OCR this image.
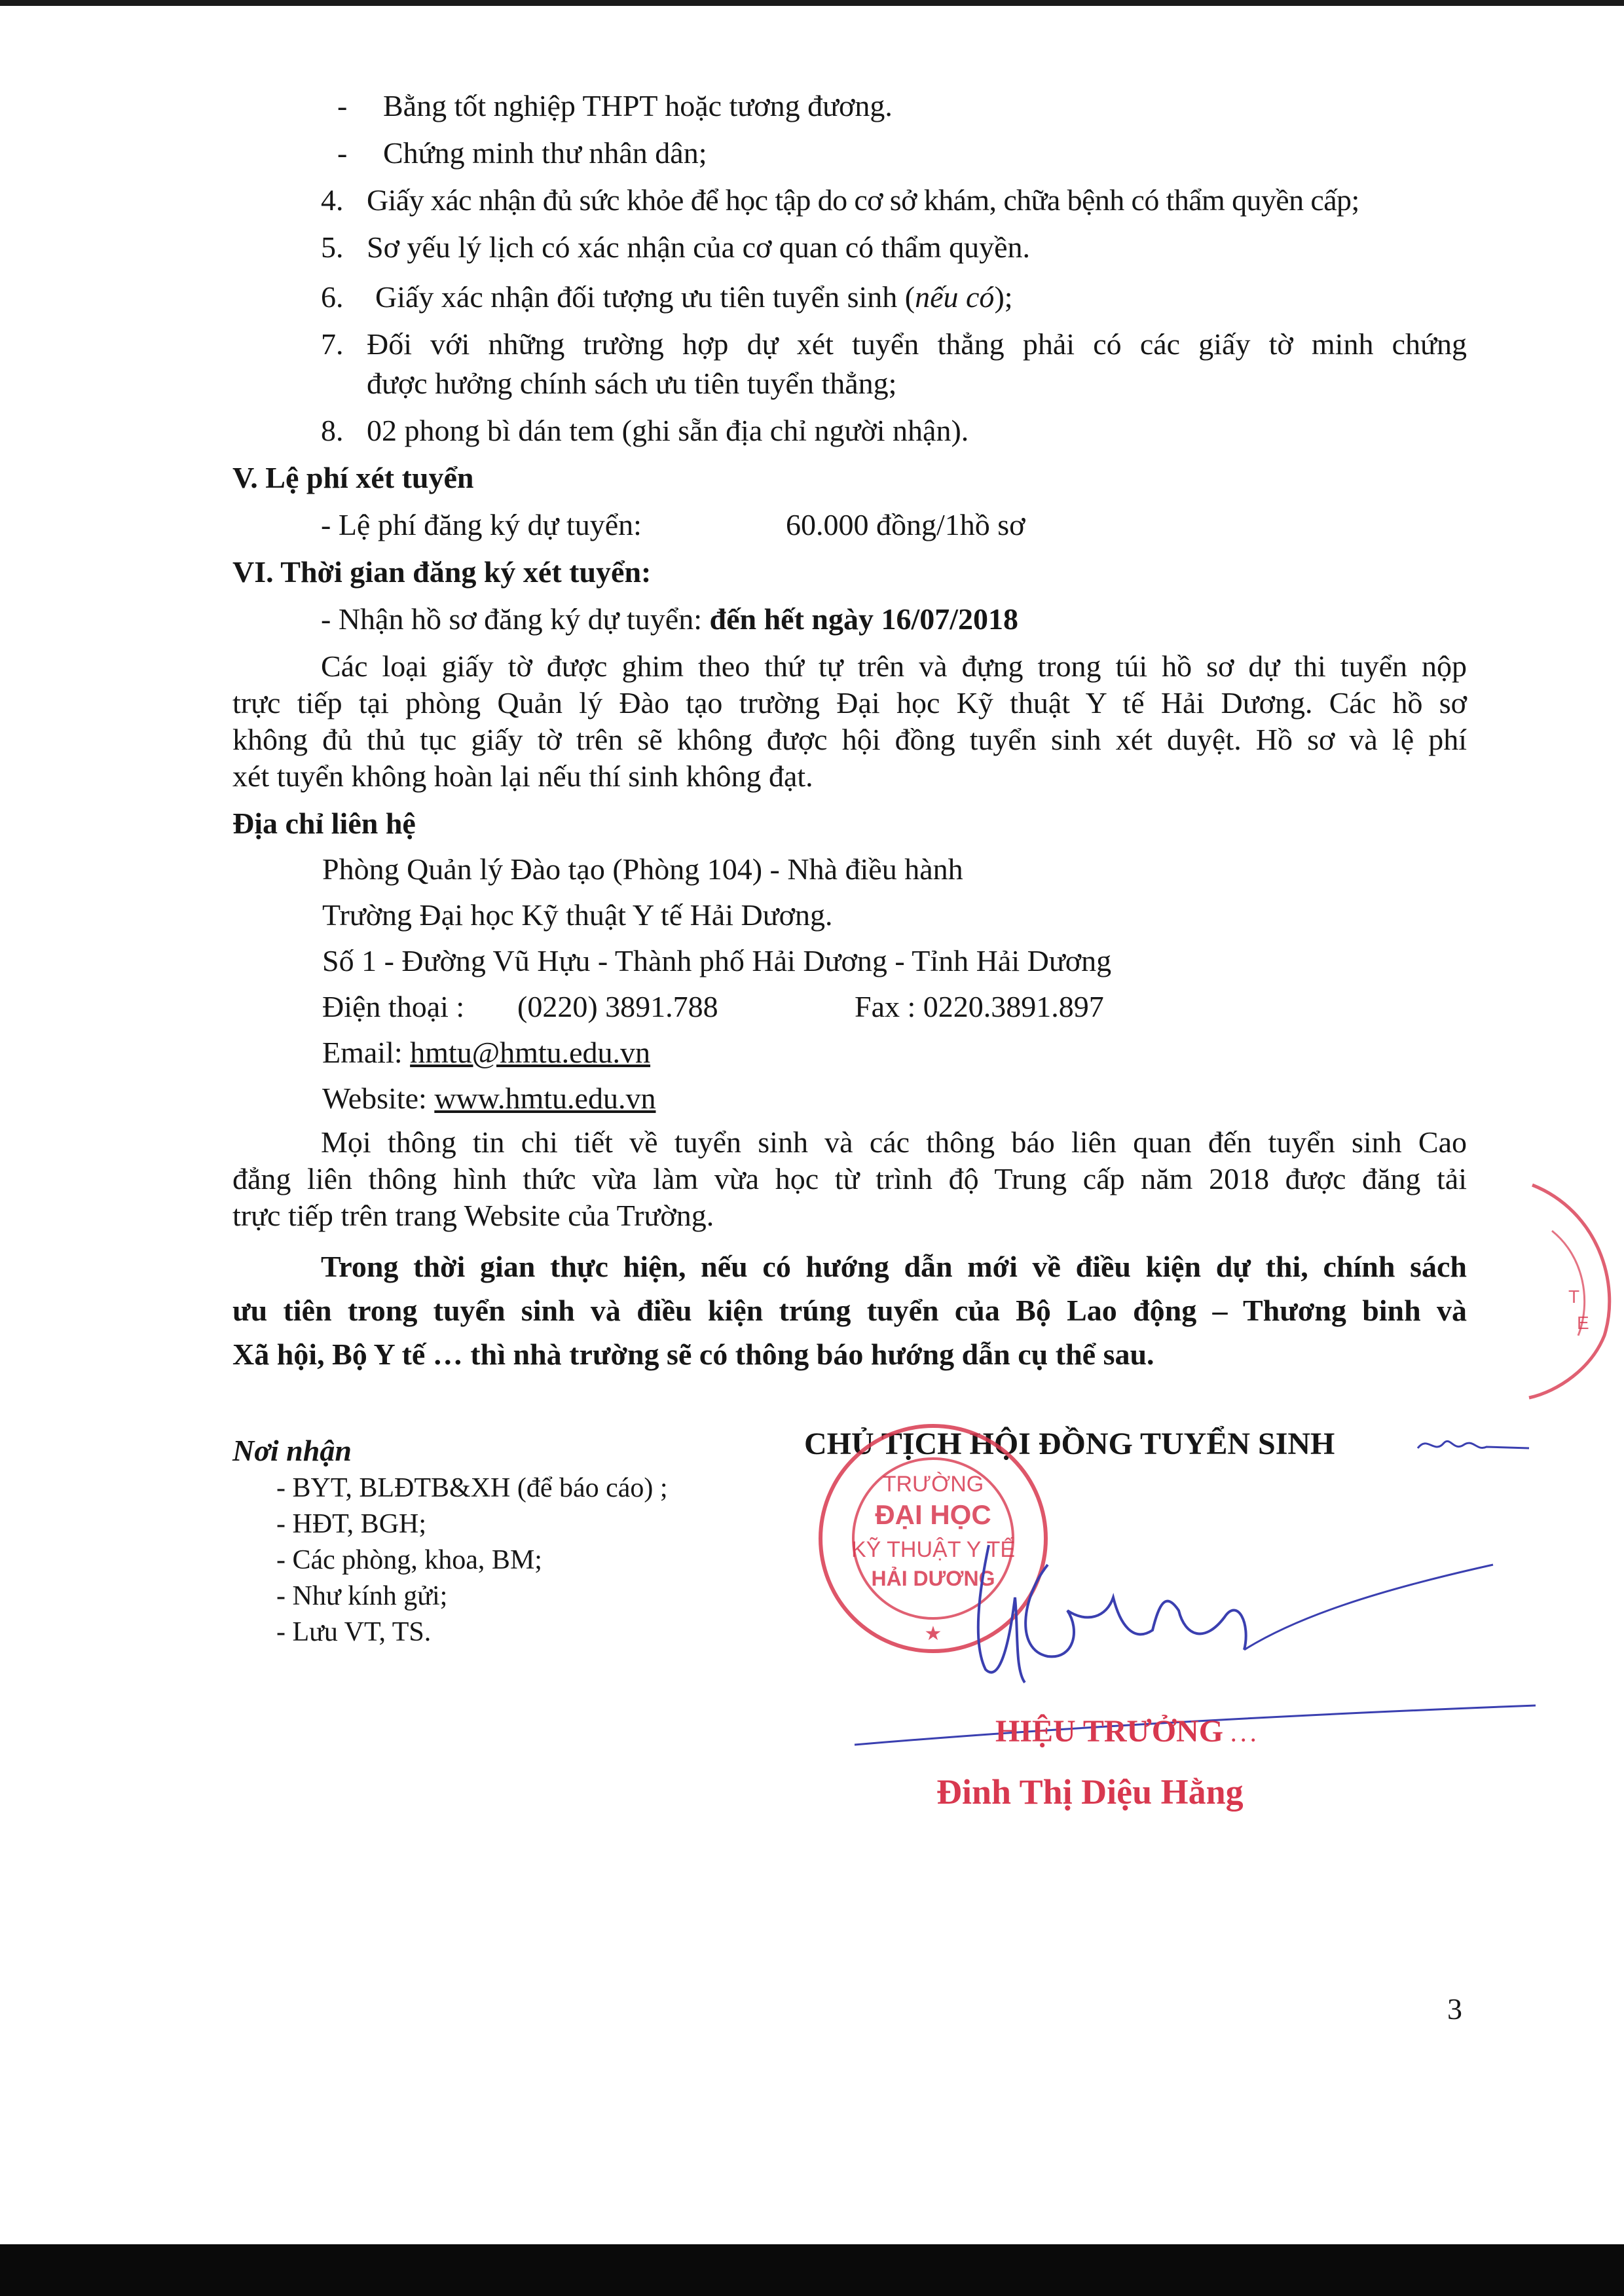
- Bằng tốt nghiệp THPT hoặc tương đương.
- Chứng minh thư nhân dân;
4. Giấy xác nhận đủ sức khỏe để học tập do cơ sở khám, chữa bệnh có thẩm quyền cấp;
5. Sơ yếu lý lịch có xác nhận của cơ quan có thẩm quyền.
6. Giấy xác nhận đối tượng ưu tiên tuyển sinh (nếu có);
7. Đối với những trường hợp dự xét tuyển thẳng phải có các giấy tờ minh chứng
được hưởng chính sách ưu tiên tuyển thẳng;
8. 02 phong bì dán tem (ghi sẵn địa chỉ người nhận).
V. Lệ phí xét tuyển
- Lệ phí đăng ký dự tuyển:	60.000 đồng/1hồ sơ
VI. Thời gian đăng ký xét tuyển:
- Nhận hồ sơ đăng ký dự tuyển: đến hết ngày 16/07/2018
Các loại giấy tờ được ghim theo thứ tự trên và đựng trong túi hồ sơ dự thi tuyển nộp
trực tiếp tại phòng Quản lý Đào tạo trường Đại học Kỹ thuật Y tế Hải Dương. Các hồ sơ
không đủ thủ tục giấy tờ trên sẽ không được hội đồng tuyển sinh xét duyệt. Hồ sơ và lệ phí
xét tuyển không hoàn lại nếu thí sinh không đạt.
Địa chỉ liên hệ
Phòng Quản lý Đào tạo (Phòng 104) - Nhà điều hành
Trường Đại học Kỹ thuật Y tế Hải Dương.
Số 1 - Đường Vũ Hựu - Thành phố Hải Dương - Tỉnh Hải Dương
Điện thoại : (0220) 3891.788	Fax : 0220.3891.897
Email: hmtu@hmtu.edu.vn
Website: www.hmtu.edu.vn
Mọi thông tin chi tiết về tuyển sinh và các thông báo liên quan đến tuyển sinh Cao
đẳng liên thông hình thức vừa làm vừa học từ trình độ Trung cấp năm 2018 được đăng tải
trực tiếp trên trang Website của Trường.
Trong thời gian thực hiện, nếu có hướng dẫn mới về điều kiện dự thi, chính sách
ưu tiên trong tuyển sinh và điều kiện trúng tuyển của Bộ Lao động – Thương binh và
Xã hội, Bộ Y tế … thì nhà trường sẽ có thông báo hướng dẫn cụ thể sau.
Nơi nhận
- BYT, BLĐTB&XH (để báo cáo) ;
- HĐT, BGH;
- Các phòng, khoa, BM;
- Như kính gửi;
- Lưu VT, TS.
CHỦ TỊCH HỘI ĐỒNG TUYỂN SINH
TRƯỜNG
ĐẠI HỌC
KỸ THUẬT Y TẾ
HẢI DƯƠNG
★
T
E
HIỆU TRƯỞNG . . .
Đinh Thị Diệu Hằng
3
